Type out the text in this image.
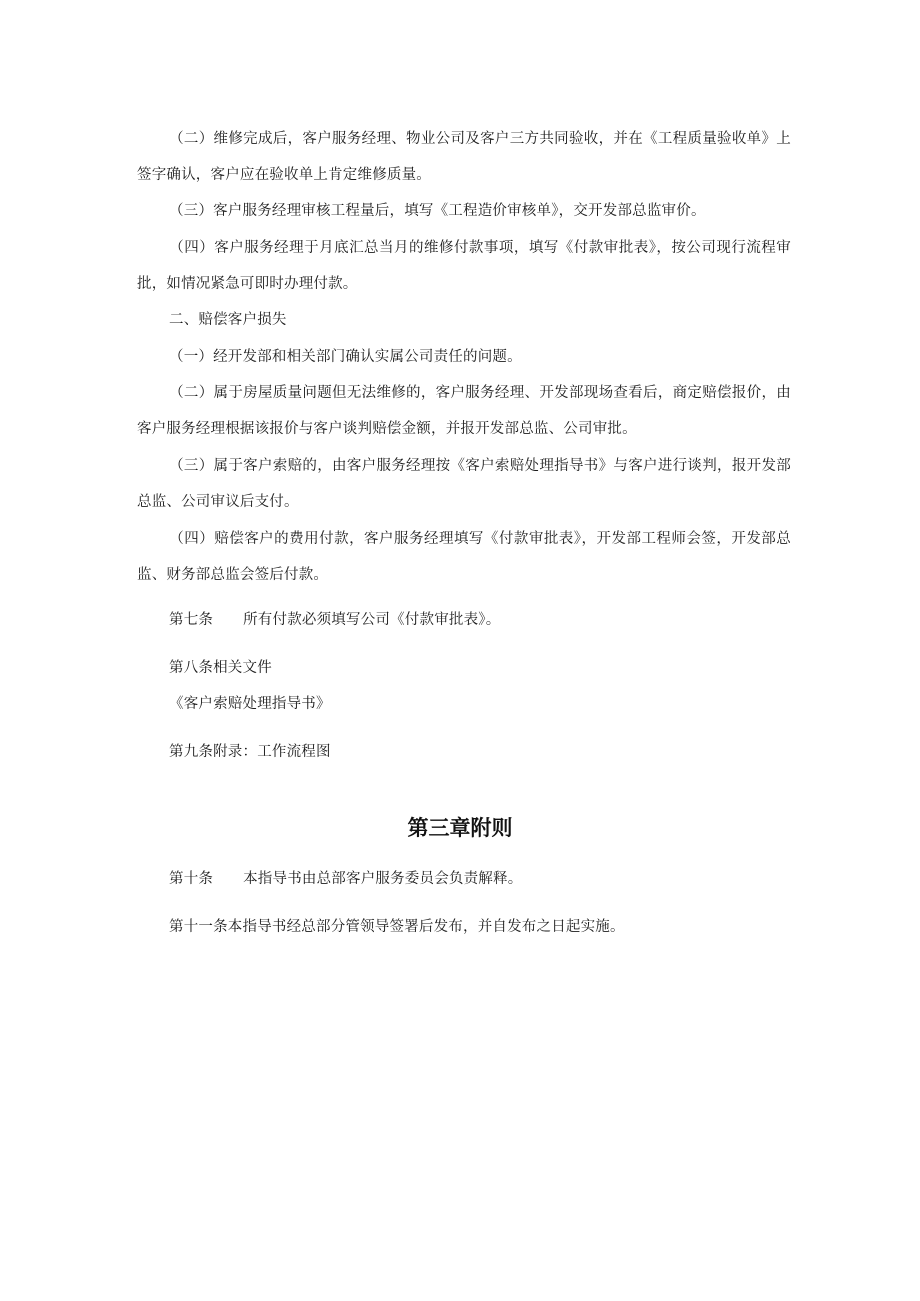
（二）维修完成后，客户服务经理、物业公司及客户三方共同验收，并在《工程质量验收单》上签字确认，客户应在验收单上肯定维修质量。

（三）客户服务经理审核工程量后，填写《工程造价审核单》，交开发部总监审价。

（四）客户服务经理于月底汇总当月的维修付款事项，填写《付款审批表》，按公司现行流程审批，如情况紧急可即时办理付款。

二、赔偿客户损失

（一）经开发部和相关部门确认实属公司责任的问题。

（二）属于房屋质量问题但无法维修的，客户服务经理、开发部现场查看后，商定赔偿报价，由客户服务经理根据该报价与客户谈判赔偿金额，并报开发部总监、公司审批。

（三）属于客户索赔的，由客户服务经理按《客户索赔处理指导书》与客户进行谈判，报开发部总监、公司审议后支付。

（四）赔偿客户的费用付款，客户服务经理填写《付款审批表》，开发部工程师会签，开发部总监、财务部总监会签后付款。

第七条 所有付款必须填写公司《付款审批表》。

第八条相关文件

《客户索赔处理指导书》

第九条附录：工作流程图

第三章附则

第十条 本指导书由总部客户服务委员会负责解释。

第十一条本指导书经总部分管领导签署后发布，并自发布之日起实施。
